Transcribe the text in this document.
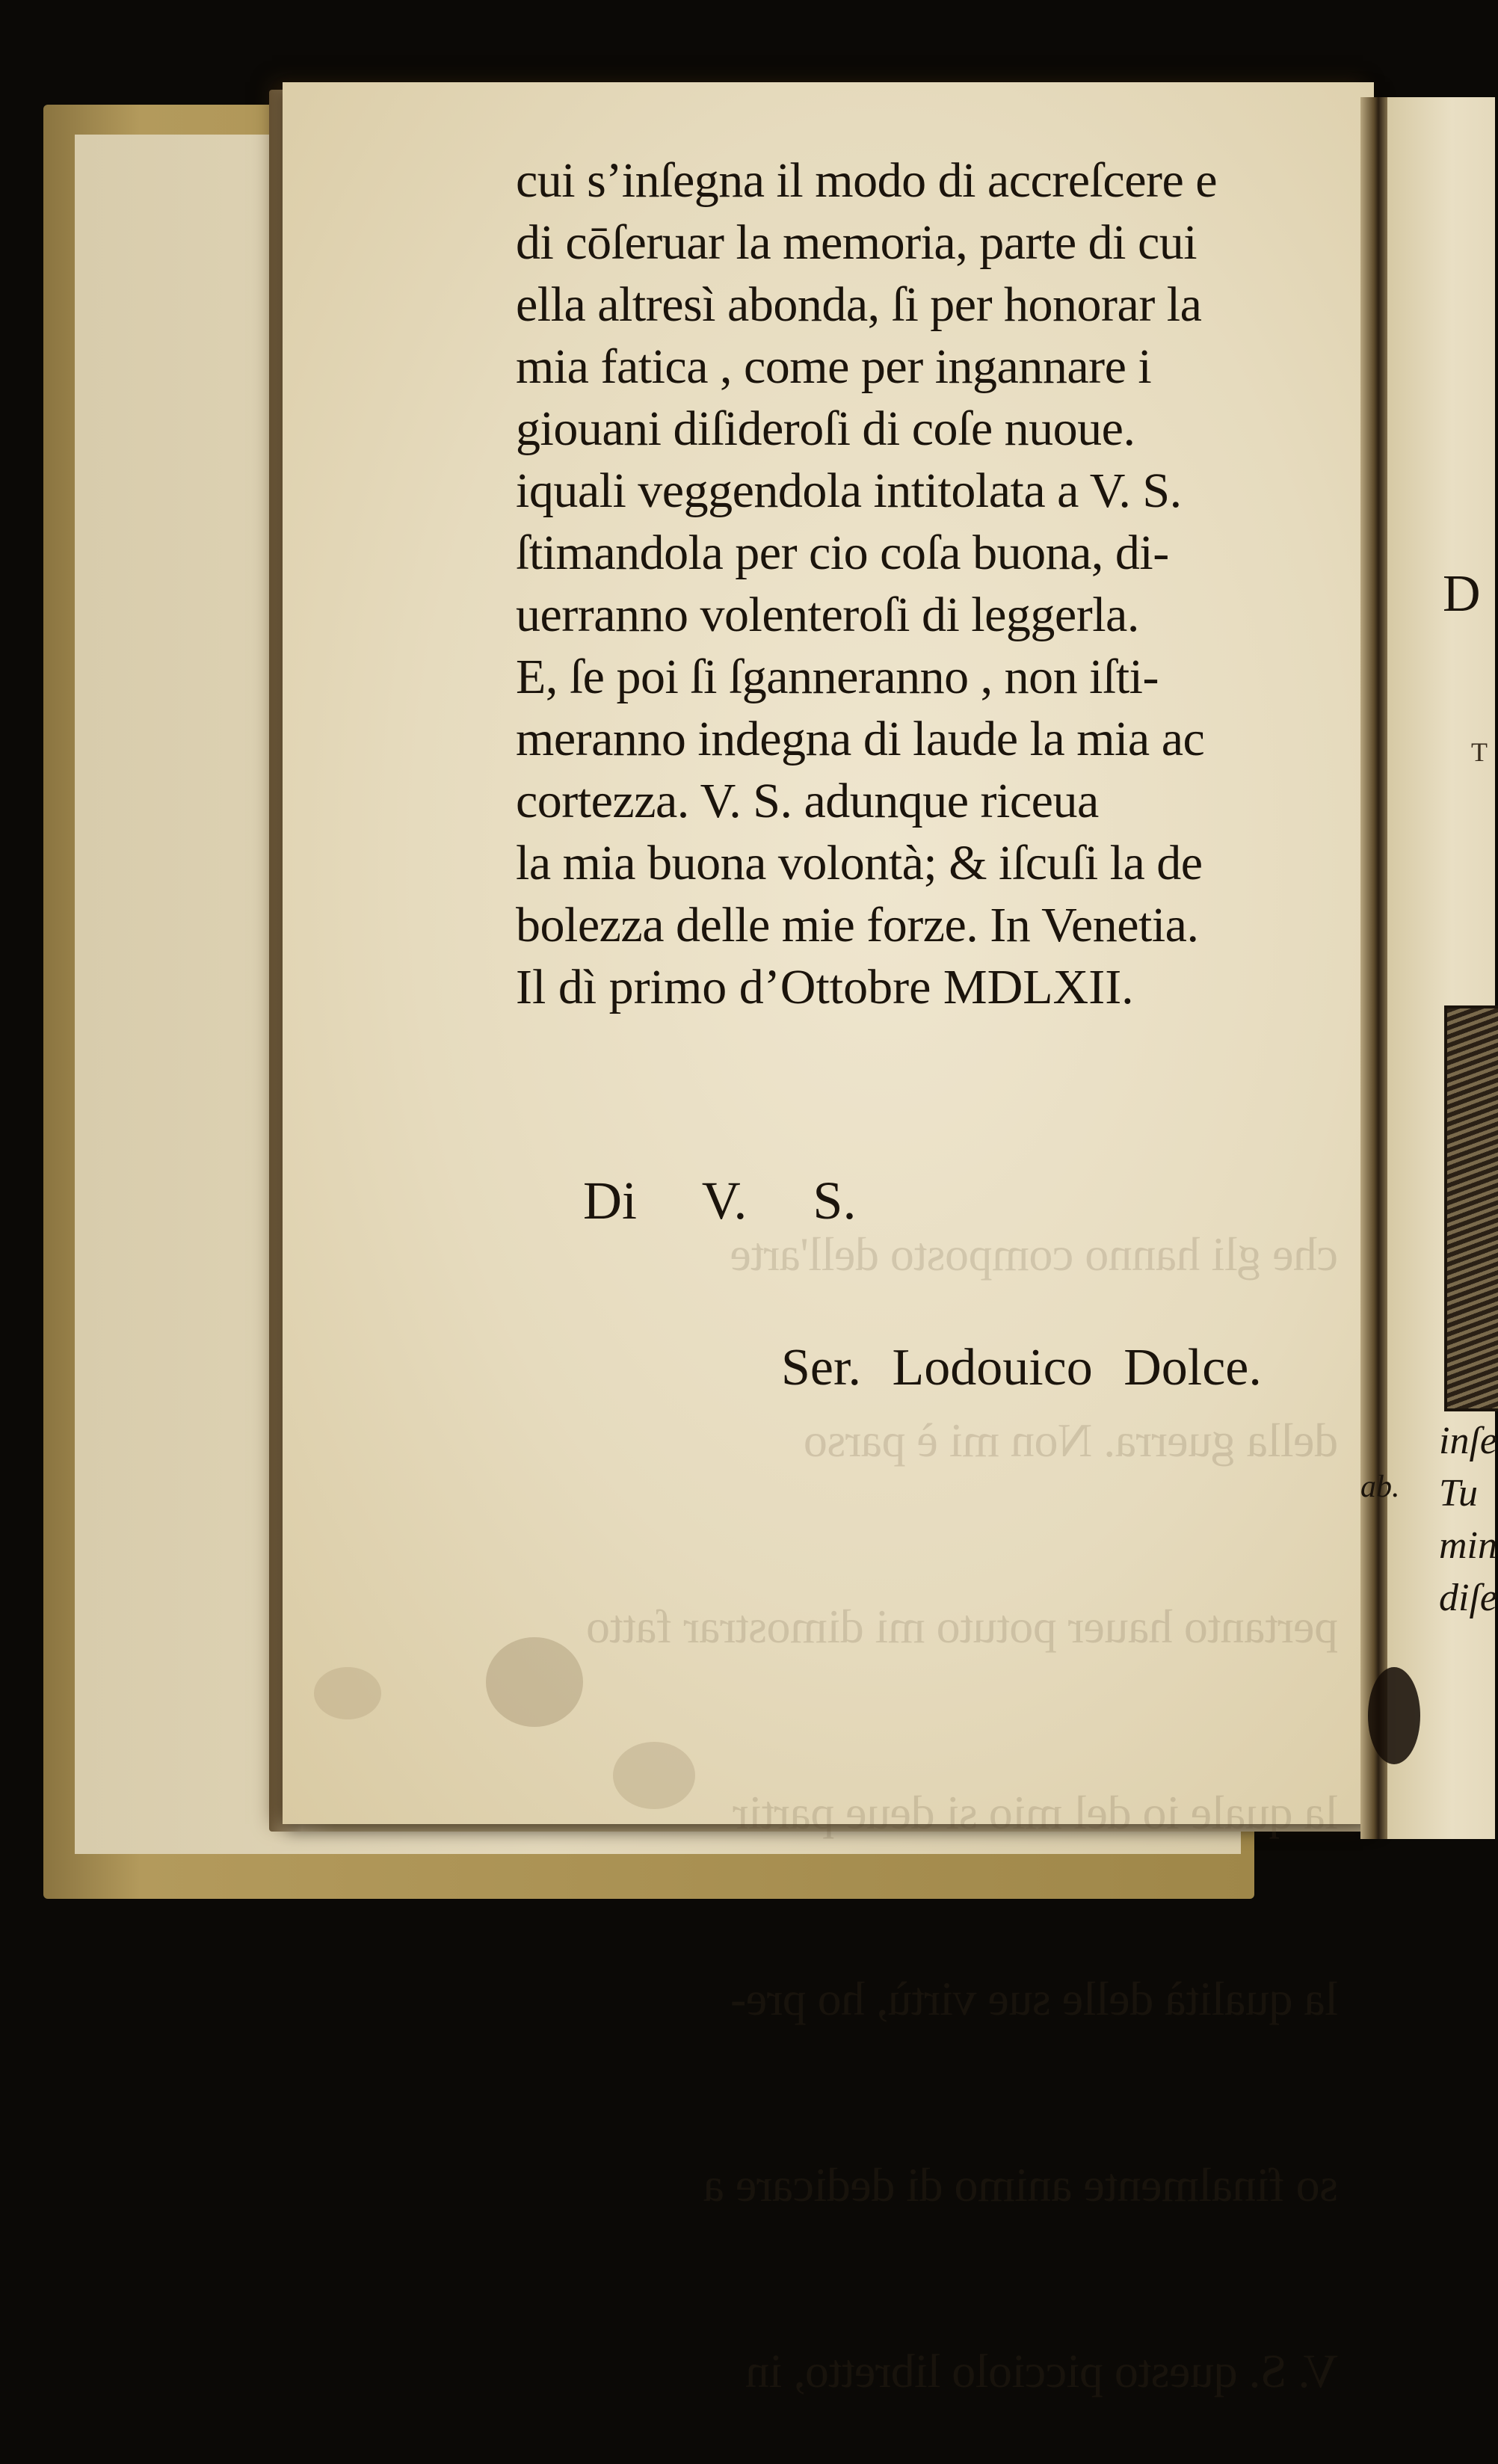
che gli hanno composto dell'arte

della guerra. Non mi è parso

pertanto hauer potuto mi dimostrar fatto

la quale io del mio si deue partir

la qualità delle sue virtù, ho pre-

so finalmente animo di dedicare a

V. S. questo picciolo libretto, in

cui s’inſegna il modo di accreſcere e
di cōſeruar la memoria, parte di cui
ella altresì abonda, ſi per honorar la
mia fatica , come per ingannare i
giouani diſideroſi di coſe nuoue.
iquali veggendola intitolata a V. S.
ſtimandola per cio coſa buona, di-
uerranno volenteroſi di leggerla.
E, ſe poi ſi ſganneranno , non iſti-
meranno indegna di laude la mia ac
cortezza. V. S. adunque riceua
la mia buona volontà; & iſcuſi la de
bolezza delle mie forze. In Venetia.
Il dì primo d’Ottobre MDLXII.
Di V. S.
Ser. Lodouico Dolce.
D
T
ab.
inſe
Tu
min
diſe
